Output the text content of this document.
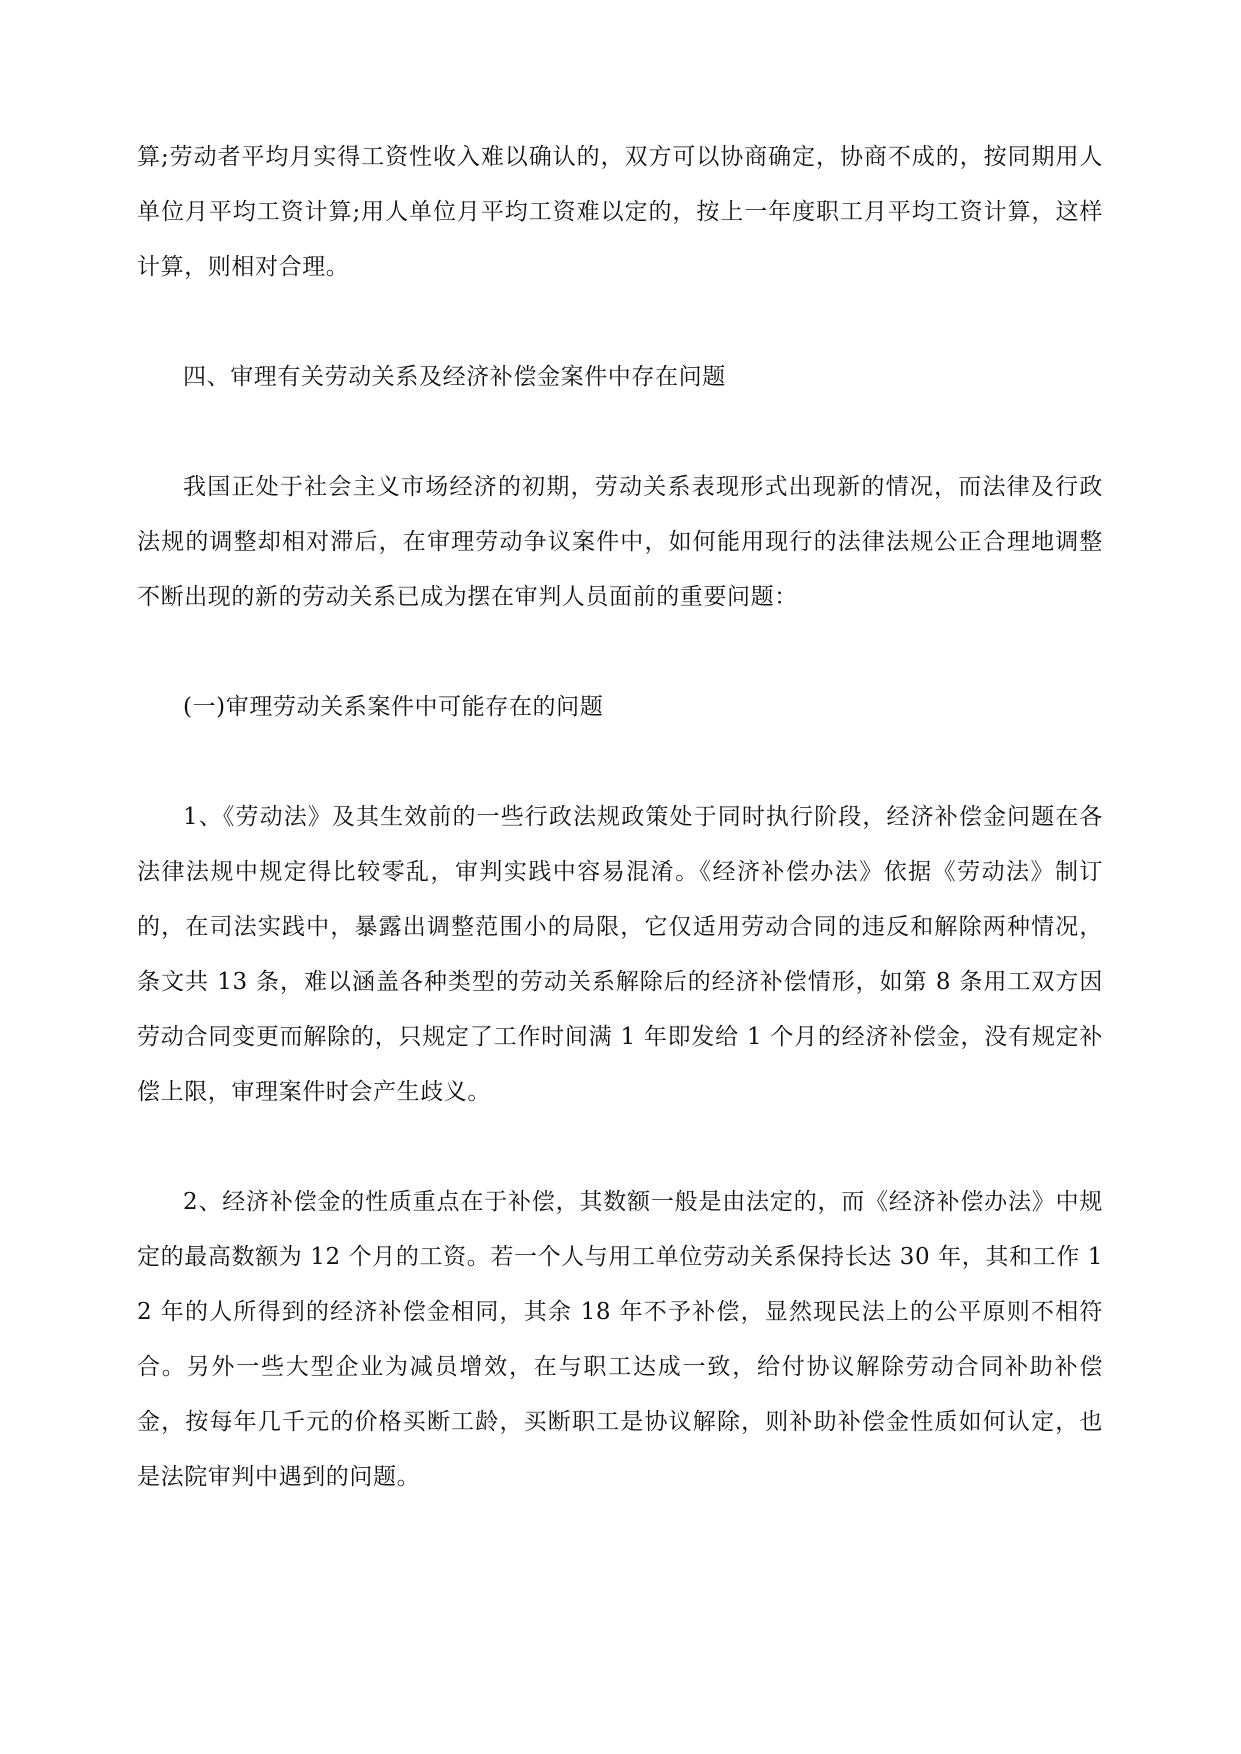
算;劳动者平均月实得工资性收入难以确认的，双方可以协商确定，协商不成的，按同期用人单位月平均工资计算;用人单位月平均工资难以定的，按上一年度职工月平均工资计算，这样计算，则相对合理。

四、审理有关劳动关系及经济补偿金案件中存在问题

我国正处于社会主义市场经济的初期，劳动关系表现形式出现新的情况，而法律及行政法规的调整却相对滞后，在审理劳动争议案件中，如何能用现行的法律法规公正合理地调整不断出现的新的劳动关系已成为摆在审判人员面前的重要问题：

(一)审理劳动关系案件中可能存在的问题

1、《劳动法》及其生效前的一些行政法规政策处于同时执行阶段，经济补偿金问题在各法律法规中规定得比较零乱，审判实践中容易混淆。《经济补偿办法》依据《劳动法》制订的，在司法实践中，暴露出调整范围小的局限，它仅适用劳动合同的违反和解除两种情况，条文共 13 条，难以涵盖各种类型的劳动关系解除后的经济补偿情形，如第 8 条用工双方因劳动合同变更而解除的，只规定了工作时间满 1 年即发给 1 个月的经济补偿金，没有规定补偿上限，审理案件时会产生歧义。

2、经济补偿金的性质重点在于补偿，其数额一般是由法定的，而《经济补偿办法》中规定的最高数额为 12 个月的工资。若一个人与用工单位劳动关系保持长达 30 年，其和工作 12 年的人所得到的经济补偿金相同，其余 18 年不予补偿，显然现民法上的公平原则不相符合。另外一些大型企业为减员增效，在与职工达成一致，给付协议解除劳动合同补助补偿金，按每年几千元的价格买断工龄，买断职工是协议解除，则补助补偿金性质如何认定，也是法院审判中遇到的问题。
